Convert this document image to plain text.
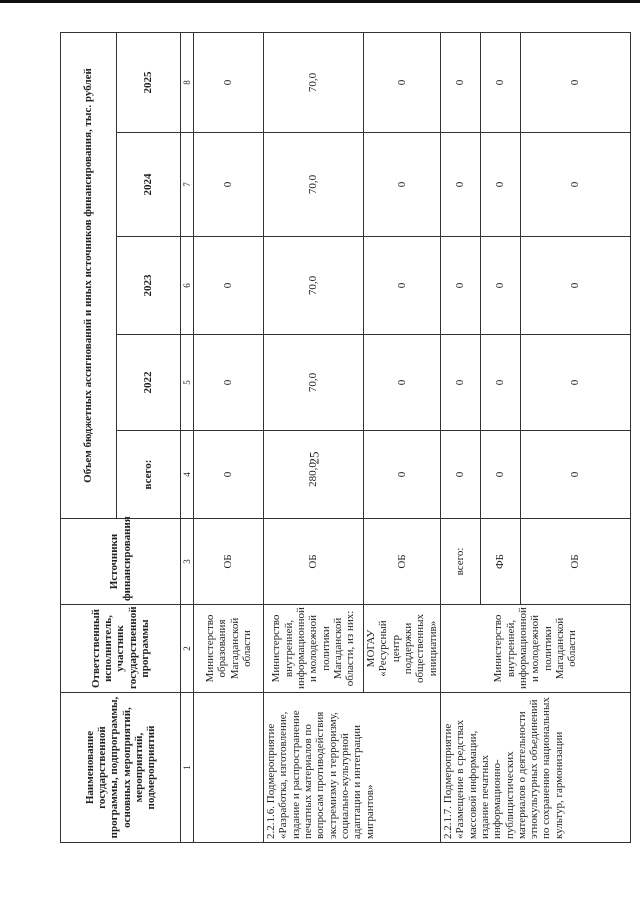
25
Наименование государственной программы, подпрограммы, основных мероприятий, мероприятий, подмероприятий	Ответственный исполнитель, участник государственной программы	Источники финансирования	Объем бюджетных ассигнований и иных источников финансирования, тыс. рублей				
			всего:	2022	2023	2024	2025
1	2	3	4	5	6	7	8
	Министерство образования Магаданской области	ОБ	0	0	0	0	0
2.2.1.6. Подмероприятие «Разработка, изготовление, издание и распространение печатных материалов по вопросам противодействия экстремизму и терроризму, социально-культурной адаптации и интеграции мигрантов»	Министерство внутренней, информационной и молодежной политики Магаданской области, из них:	ОБ	280,0	70,0	70,0	70,0	70,0
	МОГАУ «Ресурсный центр поддержки общественных инициатив»	ОБ	0	0	0	0	0
2.2.1.7. Подмероприятие «Размещение в средствах массовой информации, издание печатных информационно-публицистических материалов о деятельности этнокультурных объединений по сохранению национальных культур, гармонизации	Министерство внутренней, информационной и молодежной политики Магаданской области	всего:	0	0	0	0	0
		ФБ	0	0	0	0	0
		ОБ	0	0	0	0	0
